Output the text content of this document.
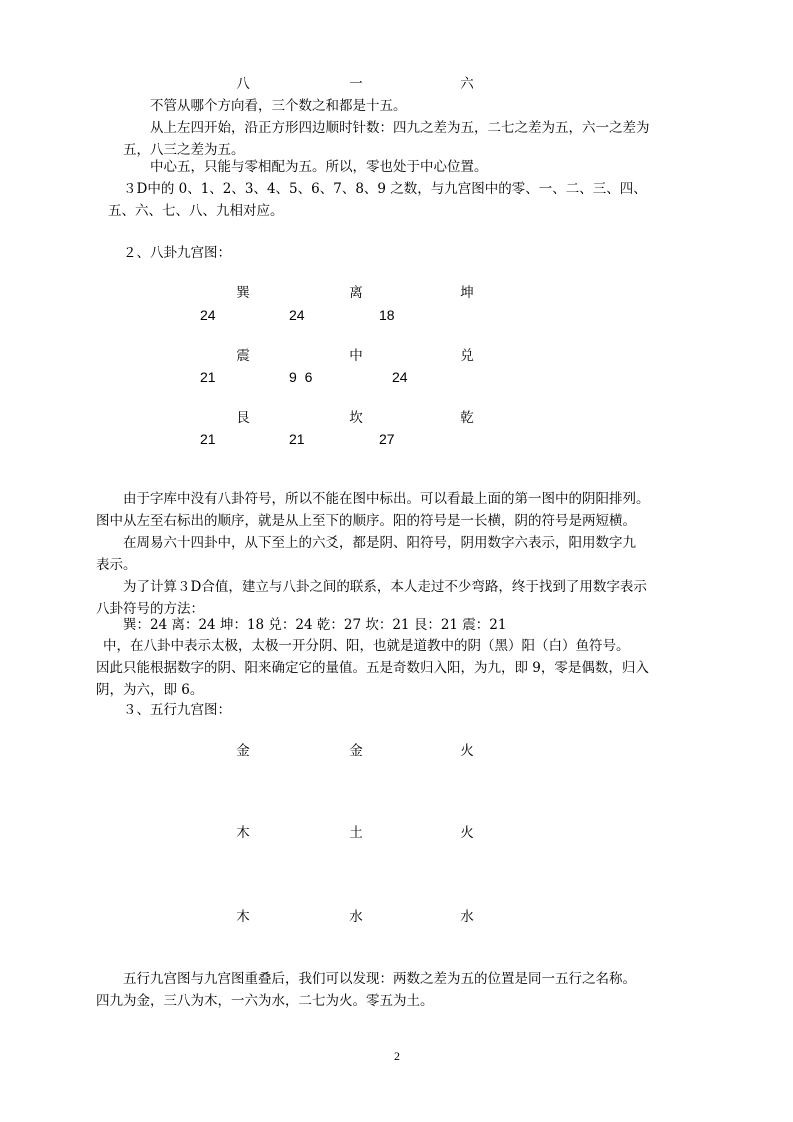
八	一	六
不管从哪个方向看，三个数之和都是十五。
从上左四开始，沿正方形四边顺时针数：四九之差为五，二七之差为五，六一之差为
五，八三之差为五。
中心五，只能与零相配为五。所以，零也处于中心位置。
３D中的 0、1、2、3、4、5、6、7、8、9 之数，与九宫图中的零、一、二、三、四、
五、六、七、八、九相对应。
２、八卦九宫图：
巽	离	坤
24	24	18
震	中	兑
21	9  6	24
艮	坎	乾
21	21	27
由于字库中没有八卦符号，所以不能在图中标出。可以看最上面的第一图中的阴阳排列。
图中从左至右标出的顺序，就是从上至下的顺序。阳的符号是一长横，阴的符号是两短横。
在周易六十四卦中，从下至上的六爻，都是阴、阳符号，阴用数字六表示，阳用数字九
表示。
为了计算３D合值，建立与八卦之间的联系，本人走过不少弯路，终于找到了用数字表示
八卦符号的方法：
巽：24 离：24 坤：18 兑：24 乾：27 坎：21 艮：21 震：21
中，在八卦中表示太极，太极一开分阴、阳，也就是道教中的阴（黑）阳（白）鱼符号。
因此只能根据数字的阴、阳来确定它的量值。五是奇数归入阳，为九，即 9，零是偶数，归入
阴，为六，即 6。
３、五行九宫图：
金	金	火
木	土	火
木	水	水
五行九宫图与九宫图重叠后，我们可以发现：两数之差为五的位置是同一五行之名称。
四九为金，三八为木，一六为水，二七为火。零五为土。
2
